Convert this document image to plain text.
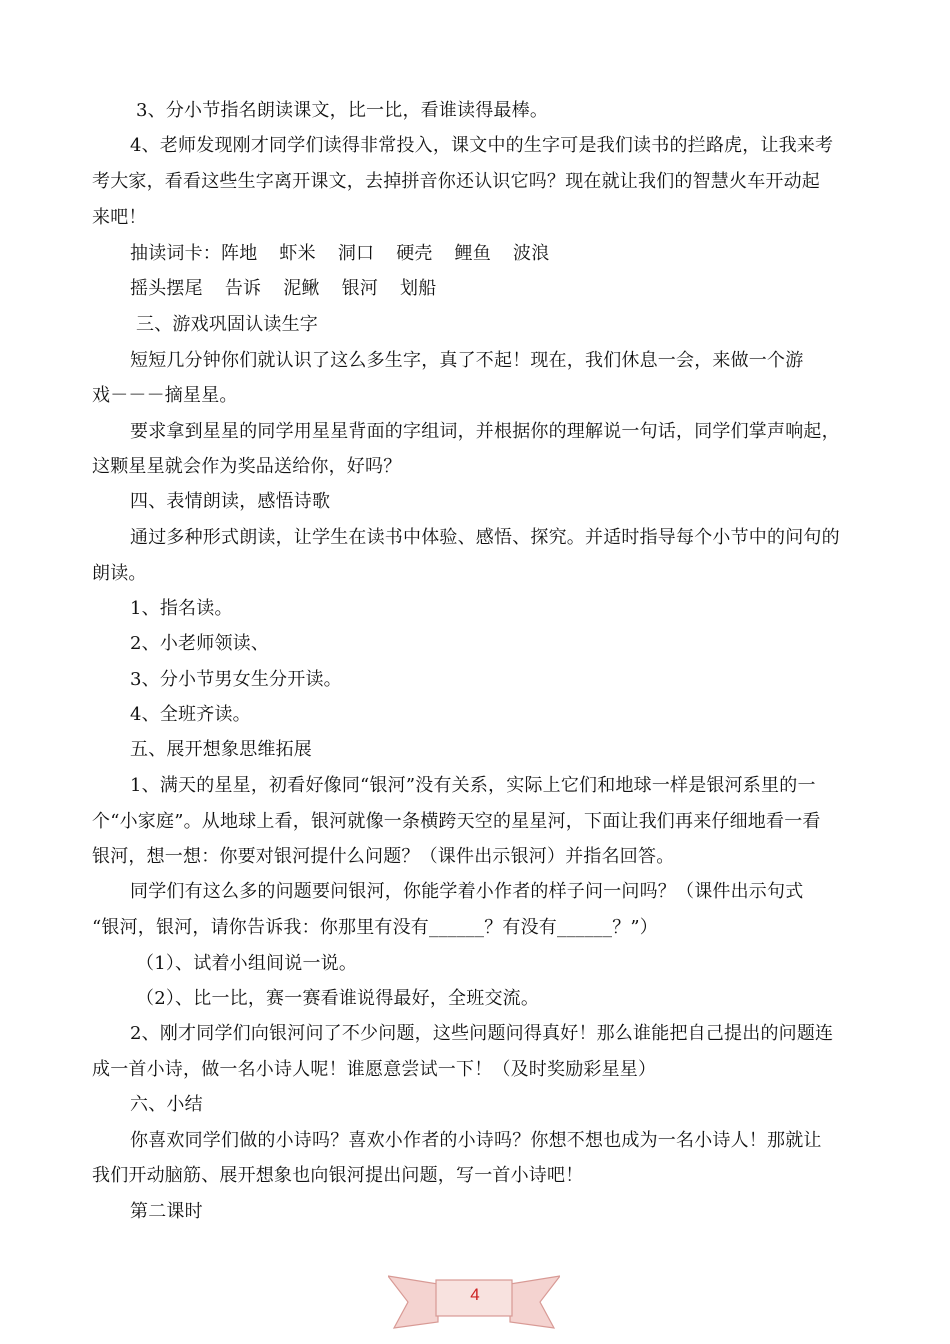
3、分小节指名朗读课文，比一比，看谁读得最棒。
4、老师发现刚才同学们读得非常投入，课文中的生字可是我们读书的拦路虎，让我来考
考大家，看看这些生字离开课文，去掉拼音你还认识它吗？现在就让我们的智慧火车开动起
来吧！
抽读词卡：阵地 虾米 洞口 硬壳 鲤鱼 波浪
摇头摆尾 告诉 泥鳅 银河 划船
三、游戏巩固认读生字
短短几分钟你们就认识了这么多生字，真了不起！现在，我们休息一会，来做一个游
戏－－－摘星星。
要求拿到星星的同学用星星背面的字组词，并根据你的理解说一句话，同学们掌声响起，
这颗星星就会作为奖品送给你，好吗？
四、表情朗读，感悟诗歌
通过多种形式朗读，让学生在读书中体验、感悟、探究。并适时指导每个小节中的问句的
朗读。
1、指名读。
2、小老师领读、
3、分小节男女生分开读。
4、全班齐读。
五、展开想象思维拓展
1、满天的星星，初看好像同“银河”没有关系，实际上它们和地球一样是银河系里的一
个“小家庭”。从地球上看，银河就像一条横跨天空的星星河，下面让我们再来仔细地看一看
银河，想一想：你要对银河提什么问题？（课件出示银河）并指名回答。
同学们有这么多的问题要问银河，你能学着小作者的样子问一问吗？（课件出示句式
“银河，银河，请你告诉我：你那里有没有______？有没有______？”）
（1）、试着小组间说一说。
（2）、比一比，赛一赛看谁说得最好，全班交流。
2、刚才同学们向银河问了不少问题，这些问题问得真好！那么谁能把自己提出的问题连
成一首小诗，做一名小诗人呢！谁愿意尝试一下！（及时奖励彩星星）
六、小结
你喜欢同学们做的小诗吗？喜欢小作者的小诗吗？你想不想也成为一名小诗人！那就让
我们开动脑筋、展开想象也向银河提出问题，写一首小诗吧！
第二课时
4
